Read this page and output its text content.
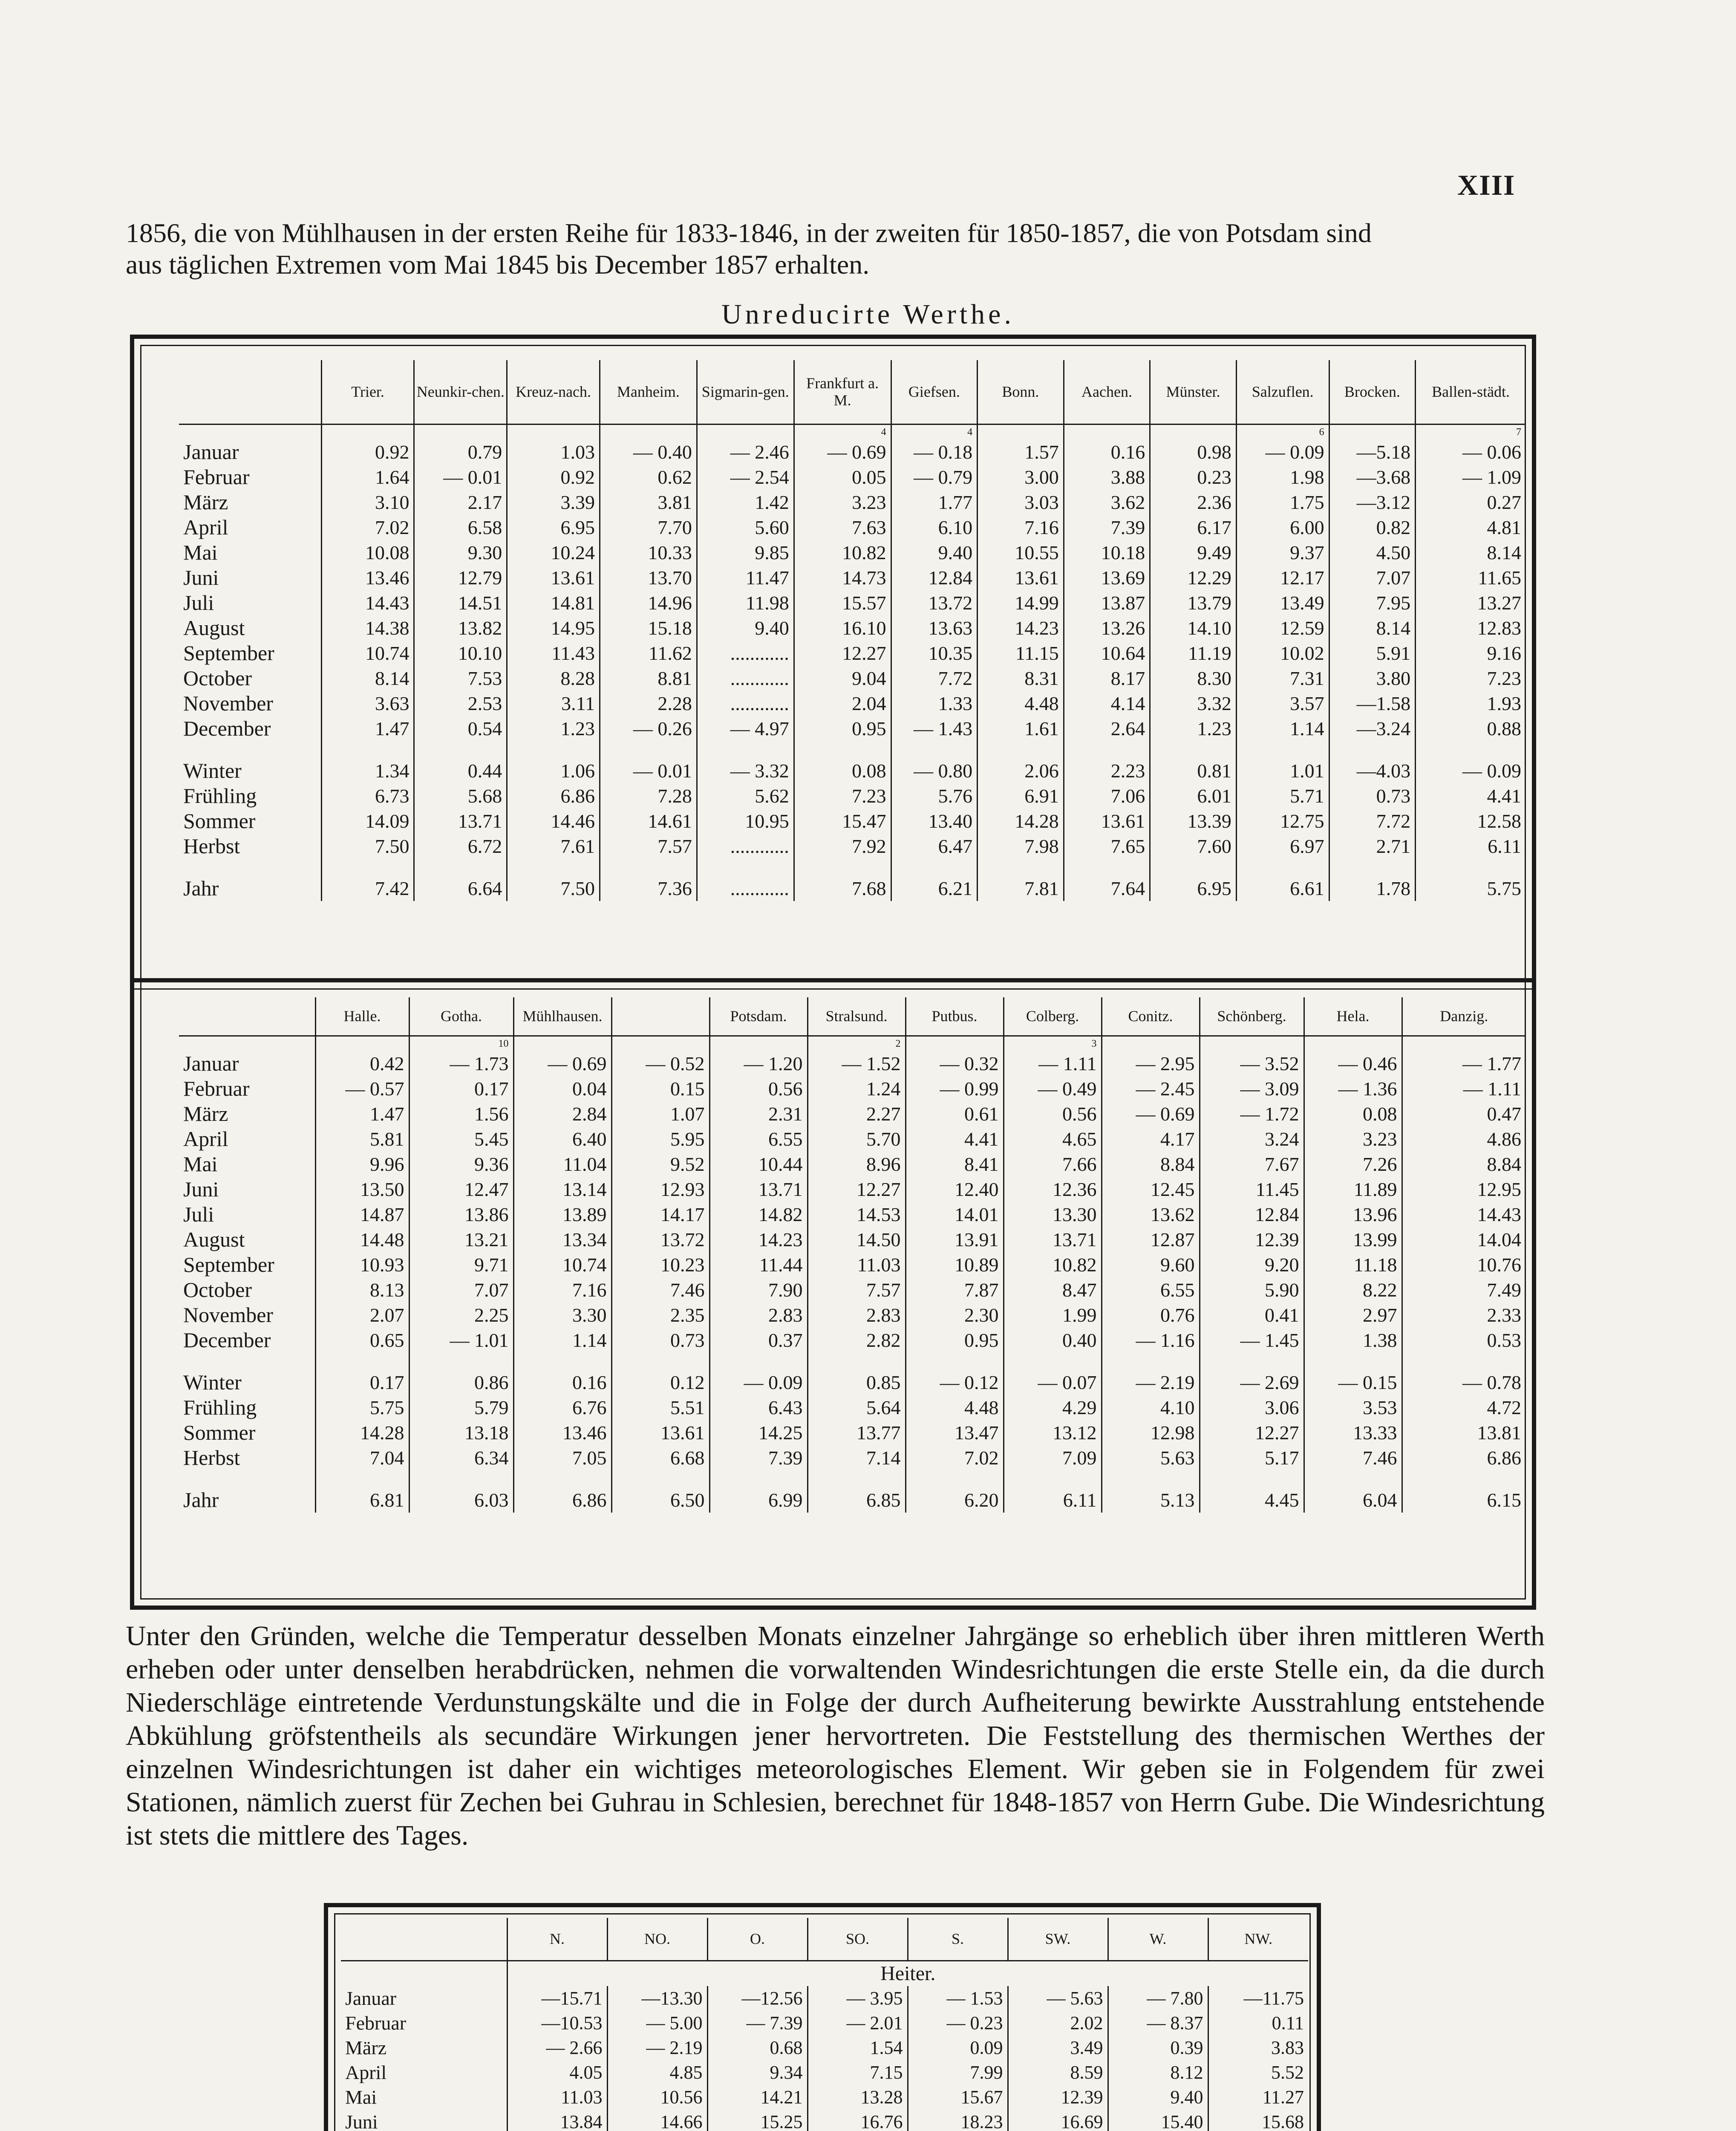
XIII
1856, die von Mühlhausen in der ersten Reihe für 1833-1846, in der zweiten für 1850-1857, die von Potsdam sind
aus täglichen Extremen vom Mai 1845 bis December 1857 erhalten.
Unreducirte Werthe.
	Trier.	Neunkir-chen.	Kreuz-nach.	Manheim.	Sigmarin-gen.	Frankfurt a. M.	Giefsen.	Bonn.	Aachen.	Münster.	Salzuflen.	Brocken.	Ballen-städt.
						4	4				6		7
Januar	0.92	0.79	1.03	— 0.40	— 2.46	— 0.69	— 0.18	1.57	0.16	0.98	— 0.09	—5.18	— 0.06
Februar	1.64	— 0.01	0.92	0.62	— 2.54	0.05	— 0.79	3.00	3.88	0.23	1.98	—3.68	— 1.09
März	3.10	2.17	3.39	3.81	1.42	3.23	1.77	3.03	3.62	2.36	1.75	—3.12	0.27
April	7.02	6.58	6.95	7.70	5.60	7.63	6.10	7.16	7.39	6.17	6.00	0.82	4.81
Mai	10.08	9.30	10.24	10.33	9.85	10.82	9.40	10.55	10.18	9.49	9.37	4.50	8.14
Juni	13.46	12.79	13.61	13.70	11.47	14.73	12.84	13.61	13.69	12.29	12.17	7.07	11.65
Juli	14.43	14.51	14.81	14.96	11.98	15.57	13.72	14.99	13.87	13.79	13.49	7.95	13.27
August	14.38	13.82	14.95	15.18	9.40	16.10	13.63	14.23	13.26	14.10	12.59	8.14	12.83
September	10.74	10.10	11.43	11.62	............	12.27	10.35	11.15	10.64	11.19	10.02	5.91	9.16
October	8.14	7.53	8.28	8.81	............	9.04	7.72	8.31	8.17	8.30	7.31	3.80	7.23
November	3.63	2.53	3.11	2.28	............	2.04	1.33	4.48	4.14	3.32	3.57	—1.58	1.93
December	1.47	0.54	1.23	— 0.26	— 4.97	0.95	— 1.43	1.61	2.64	1.23	1.14	—3.24	0.88

Winter	1.34	0.44	1.06	— 0.01	— 3.32	0.08	— 0.80	2.06	2.23	0.81	1.01	—4.03	— 0.09
Frühling	6.73	5.68	6.86	7.28	5.62	7.23	5.76	6.91	7.06	6.01	5.71	0.73	4.41
Sommer	14.09	13.71	14.46	14.61	10.95	15.47	13.40	14.28	13.61	13.39	12.75	7.72	12.58
Herbst	7.50	6.72	7.61	7.57	............	7.92	6.47	7.98	7.65	7.60	6.97	2.71	6.11

Jahr	7.42	6.64	7.50	7.36	............	7.68	6.21	7.81	7.64	6.95	6.61	1.78	5.75
	Halle.	Gotha.	Mühlhausen.		Potsdam.	Stralsund.	Putbus.	Colberg.	Conitz.	Schönberg.	Hela.	Danzig.
		10				2		3				
Januar	0.42	— 1.73	— 0.69	— 0.52	— 1.20	— 1.52	— 0.32	— 1.11	— 2.95	— 3.52	— 0.46	— 1.77
Februar	— 0.57	0.17	0.04	0.15	0.56	1.24	— 0.99	— 0.49	— 2.45	— 3.09	— 1.36	— 1.11
März	1.47	1.56	2.84	1.07	2.31	2.27	0.61	0.56	— 0.69	— 1.72	0.08	0.47
April	5.81	5.45	6.40	5.95	6.55	5.70	4.41	4.65	4.17	3.24	3.23	4.86
Mai	9.96	9.36	11.04	9.52	10.44	8.96	8.41	7.66	8.84	7.67	7.26	8.84
Juni	13.50	12.47	13.14	12.93	13.71	12.27	12.40	12.36	12.45	11.45	11.89	12.95
Juli	14.87	13.86	13.89	14.17	14.82	14.53	14.01	13.30	13.62	12.84	13.96	14.43
August	14.48	13.21	13.34	13.72	14.23	14.50	13.91	13.71	12.87	12.39	13.99	14.04
September	10.93	9.71	10.74	10.23	11.44	11.03	10.89	10.82	9.60	9.20	11.18	10.76
October	8.13	7.07	7.16	7.46	7.90	7.57	7.87	8.47	6.55	5.90	8.22	7.49
November	2.07	2.25	3.30	2.35	2.83	2.83	2.30	1.99	0.76	0.41	2.97	2.33
December	0.65	— 1.01	1.14	0.73	0.37	2.82	0.95	0.40	— 1.16	— 1.45	1.38	0.53

Winter	0.17	0.86	0.16	0.12	— 0.09	0.85	— 0.12	— 0.07	— 2.19	— 2.69	— 0.15	— 0.78
Frühling	5.75	5.79	6.76	5.51	6.43	5.64	4.48	4.29	4.10	3.06	3.53	4.72
Sommer	14.28	13.18	13.46	13.61	14.25	13.77	13.47	13.12	12.98	12.27	13.33	13.81
Herbst	7.04	6.34	7.05	6.68	7.39	7.14	7.02	7.09	5.63	5.17	7.46	6.86

Jahr	6.81	6.03	6.86	6.50	6.99	6.85	6.20	6.11	5.13	4.45	6.04	6.15
Unter den Gründen, welche die Temperatur desselben Monats einzelner Jahrgänge so erheblich über ihren mittleren Werth erheben oder unter denselben herabdrücken, nehmen die vorwaltenden Windesrichtungen die erste Stelle ein, da die durch Niederschläge eintretende Verdunstungskälte und die in Folge der durch Aufheiterung bewirkte Ausstrahlung entstehende Abkühlung gröfstentheils als secundäre Wirkungen jener hervortreten. Die Feststellung des thermischen Werthes der einzelnen Windesrichtungen ist daher ein wichtiges meteorologisches Element. Wir geben sie in Folgendem für zwei Stationen, nämlich zuerst für Zechen bei Guhrau in Schlesien, berechnet für 1848-1857 von Herrn Gube. Die Windesrichtung ist stets die mittlere des Tages.
	N.	NO.	O.	SO.	S.	SW.	W.	NW.
	Heiter.							
Januar	—15.71	—13.30	—12.56	— 3.95	— 1.53	— 5.63	— 7.80	—11.75
Februar	—10.53	— 5.00	— 7.39	— 2.01	— 0.23	2.02	— 8.37	0.11
März	— 2.66	— 2.19	0.68	1.54	0.09	3.49	0.39	3.83
April	4.05	4.85	9.34	7.15	7.99	8.59	8.12	5.52
Mai	11.03	10.56	14.21	13.28	15.67	12.39	9.40	11.27
Juni	13.84	14.66	15.25	16.76	18.23	16.69	15.40	15.68
